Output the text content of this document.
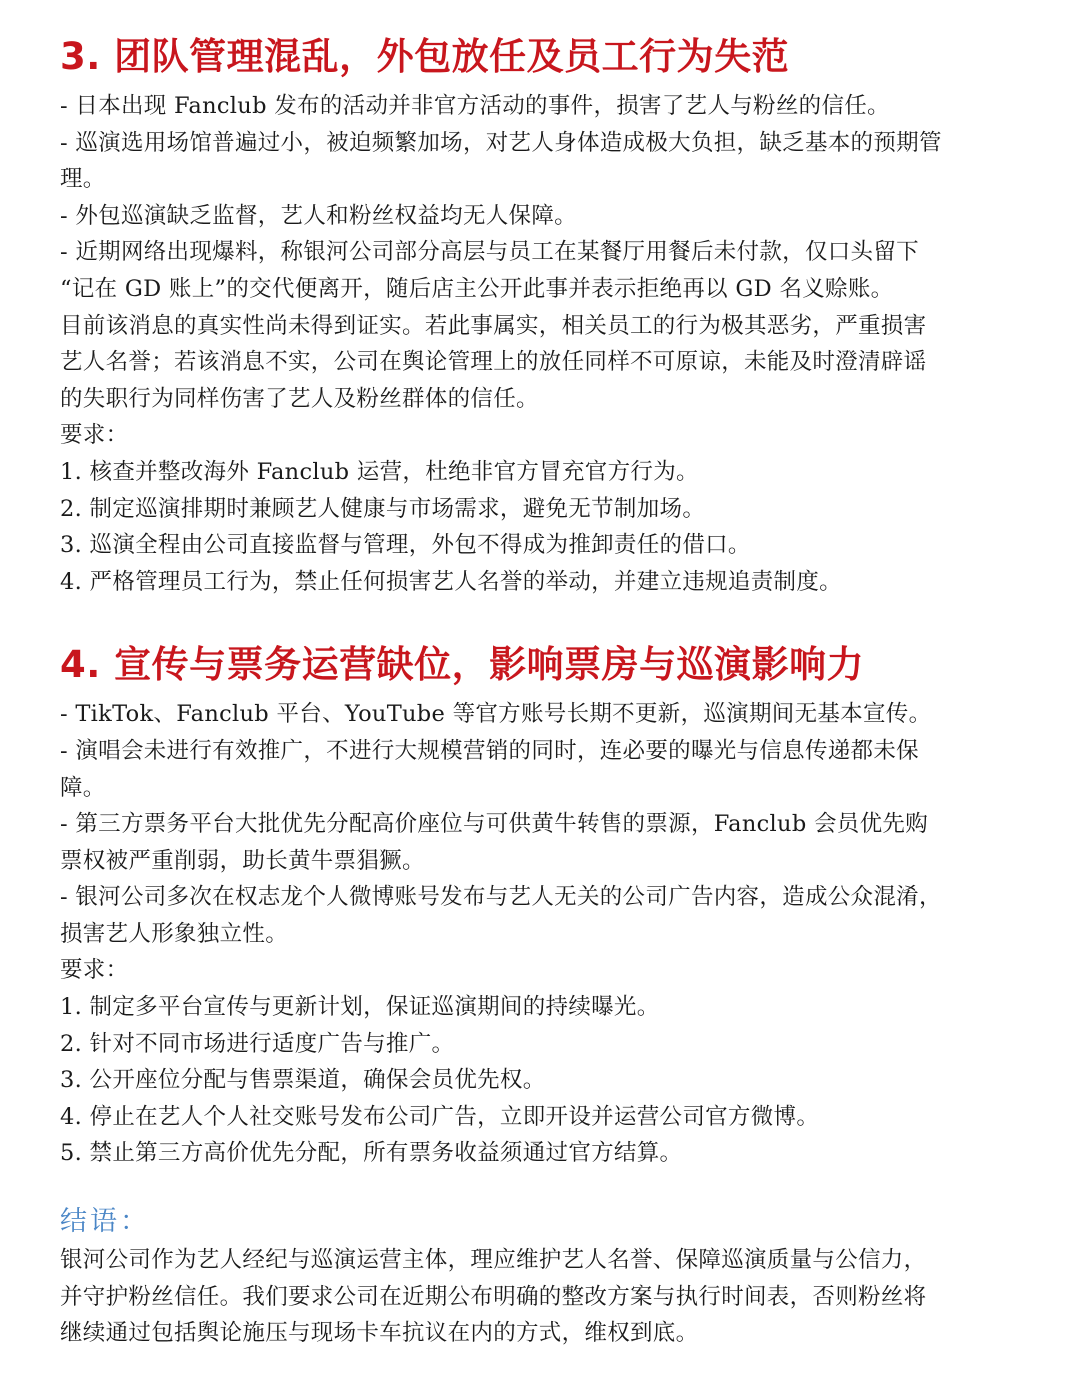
3. 团队管理混乱，外包放任及员工行为失范

- 日本出现 Fanclub 发布的活动并非官方活动的事件，损害了艺人与粉丝的信任。

- 巡演选用场馆普遍过小，被迫频繁加场，对艺人身体造成极大负担，缺乏基本的预期管

理。

- 外包巡演缺乏监督，艺人和粉丝权益均无人保障。

- 近期网络出现爆料，称银河公司部分高层与员工在某餐厅用餐后未付款，仅口头留下

“记在 GD 账上”的交代便离开，随后店主公开此事并表示拒绝再以 GD 名义赊账。

目前该消息的真实性尚未得到证实。若此事属实，相关员工的行为极其恶劣，严重损害

艺人名誉；若该消息不实，公司在舆论管理上的放任同样不可原谅，未能及时澄清辟谣

的失职行为同样伤害了艺人及粉丝群体的信任。

要求：

1. 核查并整改海外 Fanclub 运营，杜绝非官方冒充官方行为。

2. 制定巡演排期时兼顾艺人健康与市场需求，避免无节制加场。

3. 巡演全程由公司直接监督与管理，外包不得成为推卸责任的借口。

4. 严格管理员工行为，禁止任何损害艺人名誉的举动，并建立违规追责制度。

4. 宣传与票务运营缺位，影响票房与巡演影响力

- TikTok、Fanclub 平台、YouTube 等官方账号长期不更新，巡演期间无基本宣传。

- 演唱会未进行有效推广，不进行大规模营销的同时，连必要的曝光与信息传递都未保

障。

- 第三方票务平台大批优先分配高价座位与可供黄牛转售的票源，Fanclub 会员优先购

票权被严重削弱，助长黄牛票猖獗。

- 银河公司多次在权志龙个人微博账号发布与艺人无关的公司广告内容，造成公众混淆，

损害艺人形象独立性。

要求：

1. 制定多平台宣传与更新计划，保证巡演期间的持续曝光。

2. 针对不同市场进行适度广告与推广。

3. 公开座位分配与售票渠道，确保会员优先权。

4. 停止在艺人个人社交账号发布公司广告，立即开设并运营公司官方微博。

5. 禁止第三方高价优先分配，所有票务收益须通过官方结算。

结语：

银河公司作为艺人经纪与巡演运营主体，理应维护艺人名誉、保障巡演质量与公信力，

并守护粉丝信任。我们要求公司在近期公布明确的整改方案与执行时间表，否则粉丝将

继续通过包括舆论施压与现场卡车抗议在内的方式，维权到底。
